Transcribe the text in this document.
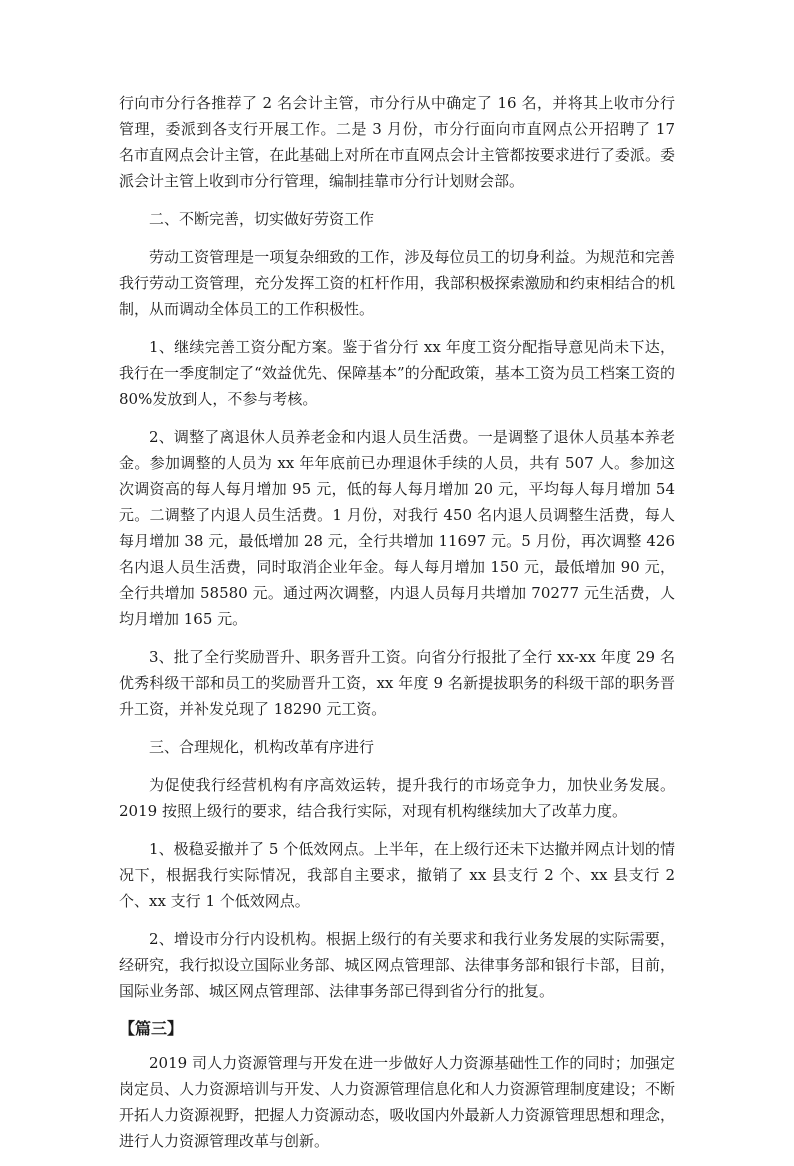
行向市分行各推荐了 2 名会计主管，市分行从中确定了 16 名，并将其上收市分行管理，委派到各支行开展工作。二是 3 月份，市分行面向市直网点公开招聘了 17 名市直网点会计主管，在此基础上对所在市直网点会计主管都按要求进行了委派。委派会计主管上收到市分行管理，编制挂靠市分行计划财会部。

二、不断完善，切实做好劳资工作

劳动工资管理是一项复杂细致的工作，涉及每位员工的切身利益。为规范和完善我行劳动工资管理，充分发挥工资的杠杆作用，我部积极探索激励和约束相结合的机制，从而调动全体员工的工作积极性。

1、继续完善工资分配方案。鉴于省分行 xx 年度工资分配指导意见尚未下达，我行在一季度制定了“效益优先、保障基本”的分配政策，基本工资为员工档案工资的 80%发放到人，不参与考核。

2、调整了离退休人员养老金和内退人员生活费。一是调整了退休人员基本养老金。参加调整的人员为 xx 年年底前已办理退休手续的人员，共有 507 人。参加这次调资高的每人每月增加 95 元，低的每人每月增加 20 元，平均每人每月增加 54 元。二调整了内退人员生活费。1 月份，对我行 450 名内退人员调整生活费，每人每月增加 38 元，最低增加 28 元，全行共增加 11697 元。5 月份，再次调整 426 名内退人员生活费，同时取消企业年金。每人每月增加 150 元，最低增加 90 元，全行共增加 58580 元。通过两次调整，内退人员每月共增加 70277 元生活费，人均月增加 165 元。

3、批了全行奖励晋升、职务晋升工资。向省分行报批了全行 xx-xx 年度 29 名优秀科级干部和员工的奖励晋升工资，xx 年度 9 名新提拔职务的科级干部的职务晋升工资，并补发兑现了 18290 元工资。

三、合理规化，机构改革有序进行

为促使我行经营机构有序高效运转，提升我行的市场竞争力，加快业务发展。2019 按照上级行的要求，结合我行实际，对现有机构继续加大了改革力度。

1、极稳妥撤并了 5 个低效网点。上半年，在上级行还未下达撤并网点计划的情况下，根据我行实际情况，我部自主要求，撤销了 xx 县支行 2 个、xx 县支行 2 个、xx 支行 1 个低效网点。

2、增设市分行内设机构。根据上级行的有关要求和我行业务发展的实际需要，经研究，我行拟设立国际业务部、城区网点管理部、法律事务部和银行卡部，目前，国际业务部、城区网点管理部、法律事务部已得到省分行的批复。

【篇三】

2019 司人力资源管理与开发在进一步做好人力资源基础性工作的同时；加强定岗定员、人力资源培训与开发、人力资源管理信息化和人力资源管理制度建设；不断开拓人力资源视野，把握人力资源动态，吸收国内外最新人力资源管理思想和理念，进行人力资源管理改革与创新。
